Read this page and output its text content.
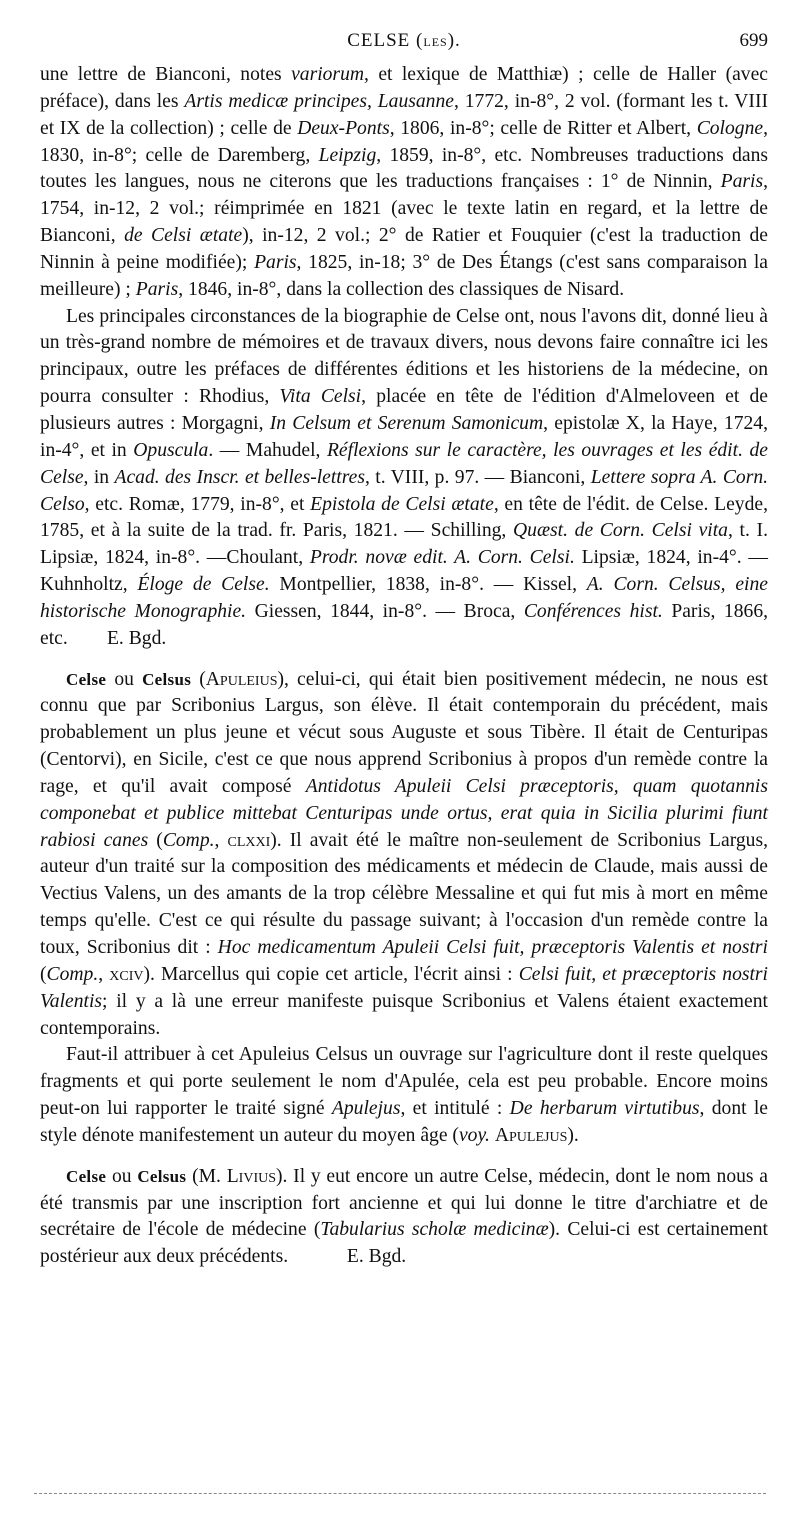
CELSE (les).	699

une lettre de Bianconi, notes variorum, et lexique de Matthiæ) ; celle de Haller (avec préface), dans les Artis medicæ principes, Lausanne, 1772, in-8°, 2 vol. (formant les t. VIII et IX de la collection) ; celle de Deux-Ponts, 1806, in-8°; celle de Ritter et Albert, Cologne, 1830, in-8°; celle de Daremberg, Leipzig, 1859, in-8°, etc. Nombreuses traductions dans toutes les langues, nous ne citerons que les traductions françaises : 1° de Ninnin, Paris, 1754, in-12, 2 vol.; réimprimée en 1821 (avec le texte latin en regard, et la lettre de Bianconi, de Celsi ætate), in-12, 2 vol.; 2° de Ratier et Fouquier (c'est la traduction de Ninnin à peine modifiée); Paris, 1825, in-18; 3° de Des Étangs (c'est sans comparaison la meilleure) ; Paris, 1846, in-8°, dans la collection des classiques de Nisard.

Les principales circonstances de la biographie de Celse ont, nous l'avons dit, donné lieu à un très-grand nombre de mémoires et de travaux divers, nous devons faire connaître ici les principaux, outre les préfaces de différentes éditions et les historiens de la médecine, on pourra consulter : Rhodius, Vita Celsi, placée en tête de l'édition d'Almeloveen et de plusieurs autres : Morgagni, In Celsum et Serenum Samonicum, epistolæ X, la Haye, 1724, in-4°, et in Opuscula. — Mahudel, Réflexions sur le caractère, les ouvrages et les édit. de Celse, in Acad. des Inscr. et belles-lettres, t. VIII, p. 97. — Bianconi, Lettere sopra A. Corn. Celso, etc. Romæ, 1779, in-8°, et Epistola de Celsi ætate, en tête de l'édit. de Celse. Leyde, 1785, et à la suite de la trad. fr. Paris, 1821. — Schilling, Quæst. de Corn. Celsi vita, t. I. Lipsiæ, 1824, in-8°. —Choulant, Prodr. novæ edit. A. Corn. Celsi. Lipsiæ, 1824, in-4°. — Kuhnholtz, Éloge de Celse. Montpellier, 1838, in-8°. — Kissel, A. Corn. Celsus, eine historische Monographie. Giessen, 1844, in-8°. — Broca, Conférences hist. Paris, 1866, etc.   E. Bgd.

Celse ou Celsus (Apuleius), celui-ci, qui était bien positivement médecin, ne nous est connu que par Scribonius Largus, son élève. Il était contemporain du précédent, mais probablement un plus jeune et vécut sous Auguste et sous Tibère. Il était de Centuripas (Centorvi), en Sicile, c'est ce que nous apprend Scribonius à propos d'un remède contre la rage, et qu'il avait composé Antidotus Apuleii Celsi præceptoris, quam quotannis componebat et publice mittebat Centuripas unde ortus, erat quia in Sicilia plurimi fiunt rabiosi canes (Comp., clxxi). Il avait été le maître non-seulement de Scribonius Largus, auteur d'un traité sur la composition des médicaments et médecin de Claude, mais aussi de Vectius Valens, un des amants de la trop célèbre Messaline et qui fut mis à mort en même temps qu'elle. C'est ce qui résulte du passage suivant; à l'occasion d'un remède contre la toux, Scribonius dit : Hoc medicamentum Apuleii Celsi fuit, præceptoris Valentis et nostri (Comp., xciv). Marcellus qui copie cet article, l'écrit ainsi : Celsi fuit, et præceptoris nostri Valentis; il y a là une erreur manifeste puisque Scribonius et Valens étaient exactement contemporains.

Faut-il attribuer à cet Apuleius Celsus un ouvrage sur l'agriculture dont il reste quelques fragments et qui porte seulement le nom d'Apulée, cela est peu probable. Encore moins peut-on lui rapporter le traité signé Apulejus, et intitulé : De herbarum virtutibus, dont le style dénote manifestement un auteur du moyen âge (voy. Apulejus).

Celse ou Celsus (M. Livius). Il y eut encore un autre Celse, médecin, dont le nom nous a été transmis par une inscription fort ancienne et qui lui donne le titre d'archiatre et de secrétaire de l'école de médecine (Tabularius scholæ medicinæ). Celui-ci est certainement postérieur aux deux précédents.   	E. Bgd.
